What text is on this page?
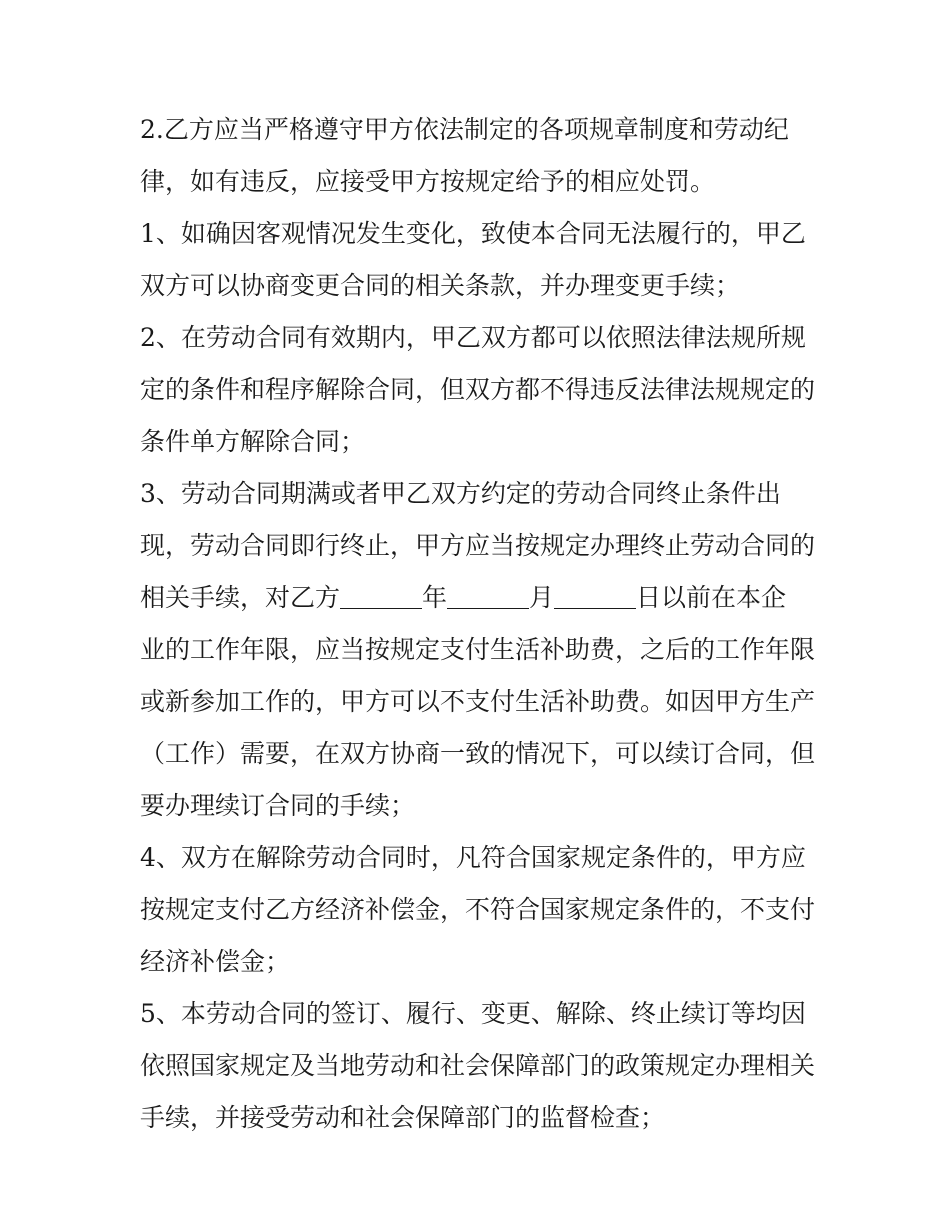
2.乙方应当严格遵守甲方依法制定的各项规章制度和劳动纪
律，如有违反，应接受甲方按规定给予的相应处罚。
1、如确因客观情况发生变化，致使本合同无法履行的，甲乙
双方可以协商变更合同的相关条款，并办理变更手续；
2、在劳动合同有效期内，甲乙双方都可以依照法律法规所规
定的条件和程序解除合同，但双方都不得违反法律法规规定的
条件单方解除合同；
3、劳动合同期满或者甲乙双方约定的劳动合同终止条件出
现，劳动合同即行终止，甲方应当按规定办理终止劳动合同的
相关手续，对乙方	年	月	日以前在本企
业的工作年限，应当按规定支付生活补助费，之后的工作年限
或新参加工作的，甲方可以不支付生活补助费。如因甲方生产
（工作）需要，在双方协商一致的情况下，可以续订合同，但
要办理续订合同的手续；
4、双方在解除劳动合同时，凡符合国家规定条件的，甲方应
按规定支付乙方经济补偿金，不符合国家规定条件的，不支付
经济补偿金；
5、本劳动合同的签订、履行、变更、解除、终止续订等均因
依照国家规定及当地劳动和社会保障部门的政策规定办理相关
手续，并接受劳动和社会保障部门的监督检查；
